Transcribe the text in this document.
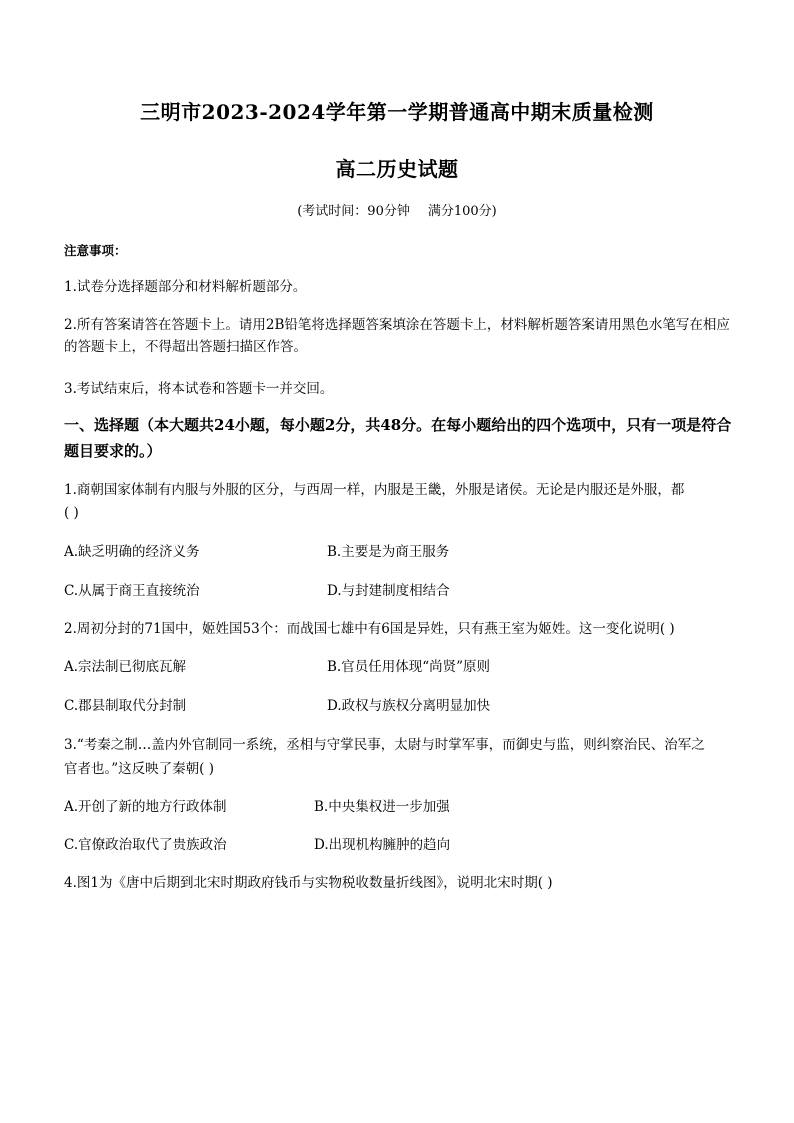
三明市2023-2024学年第一学期普通高中期末质量检测
高二历史试题
(考试时间：90分钟 满分100分)
注意事项：
1.试卷分选择题部分和材料解析题部分。
2.所有答案请答在答题卡上。请用2B铅笔将选择题答案填涂在答题卡上，材料解析题答案请用黑色水笔写在相应的答题卡上，不得超出答题扫描区作答。
3.考试结束后，将本试卷和答题卡一并交回。
一、选择题（本大题共24小题，每小题2分，共48分。在每小题给出的四个选项中，只有一项是符合题目要求的。）
1.商朝国家体制有内服与外服的区分，与西周一样，内服是王畿，外服是诸侯。无论是内服还是外服，都
( )
A.缺乏明确的经济义务	B.主要是为商王服务
C.从属于商王直接统治	D.与封建制度相结合
2.周初分封的71国中，姬姓国53个：而战国七雄中有6国是异姓，只有燕王室为姬姓。这一变化说明( )
A.宗法制已彻底瓦解	B.官员任用体现“尚贤”原则
C.郡县制取代分封制	D.政权与族权分离明显加快
3.“考秦之制…盖内外官制同一系统，丞相与守掌民事，太尉与时掌军事，而御史与监，则纠察治民、治军之
官者也。”这反映了秦朝( )
A.开创了新的地方行政体制	B.中央集权进一步加强
C.官僚政治取代了贵族政治	D.出现机构臃肿的趋向
4.图1为《唐中后期到北宋时期政府钱币与实物税收数量折线图》，说明北宋时期( )
